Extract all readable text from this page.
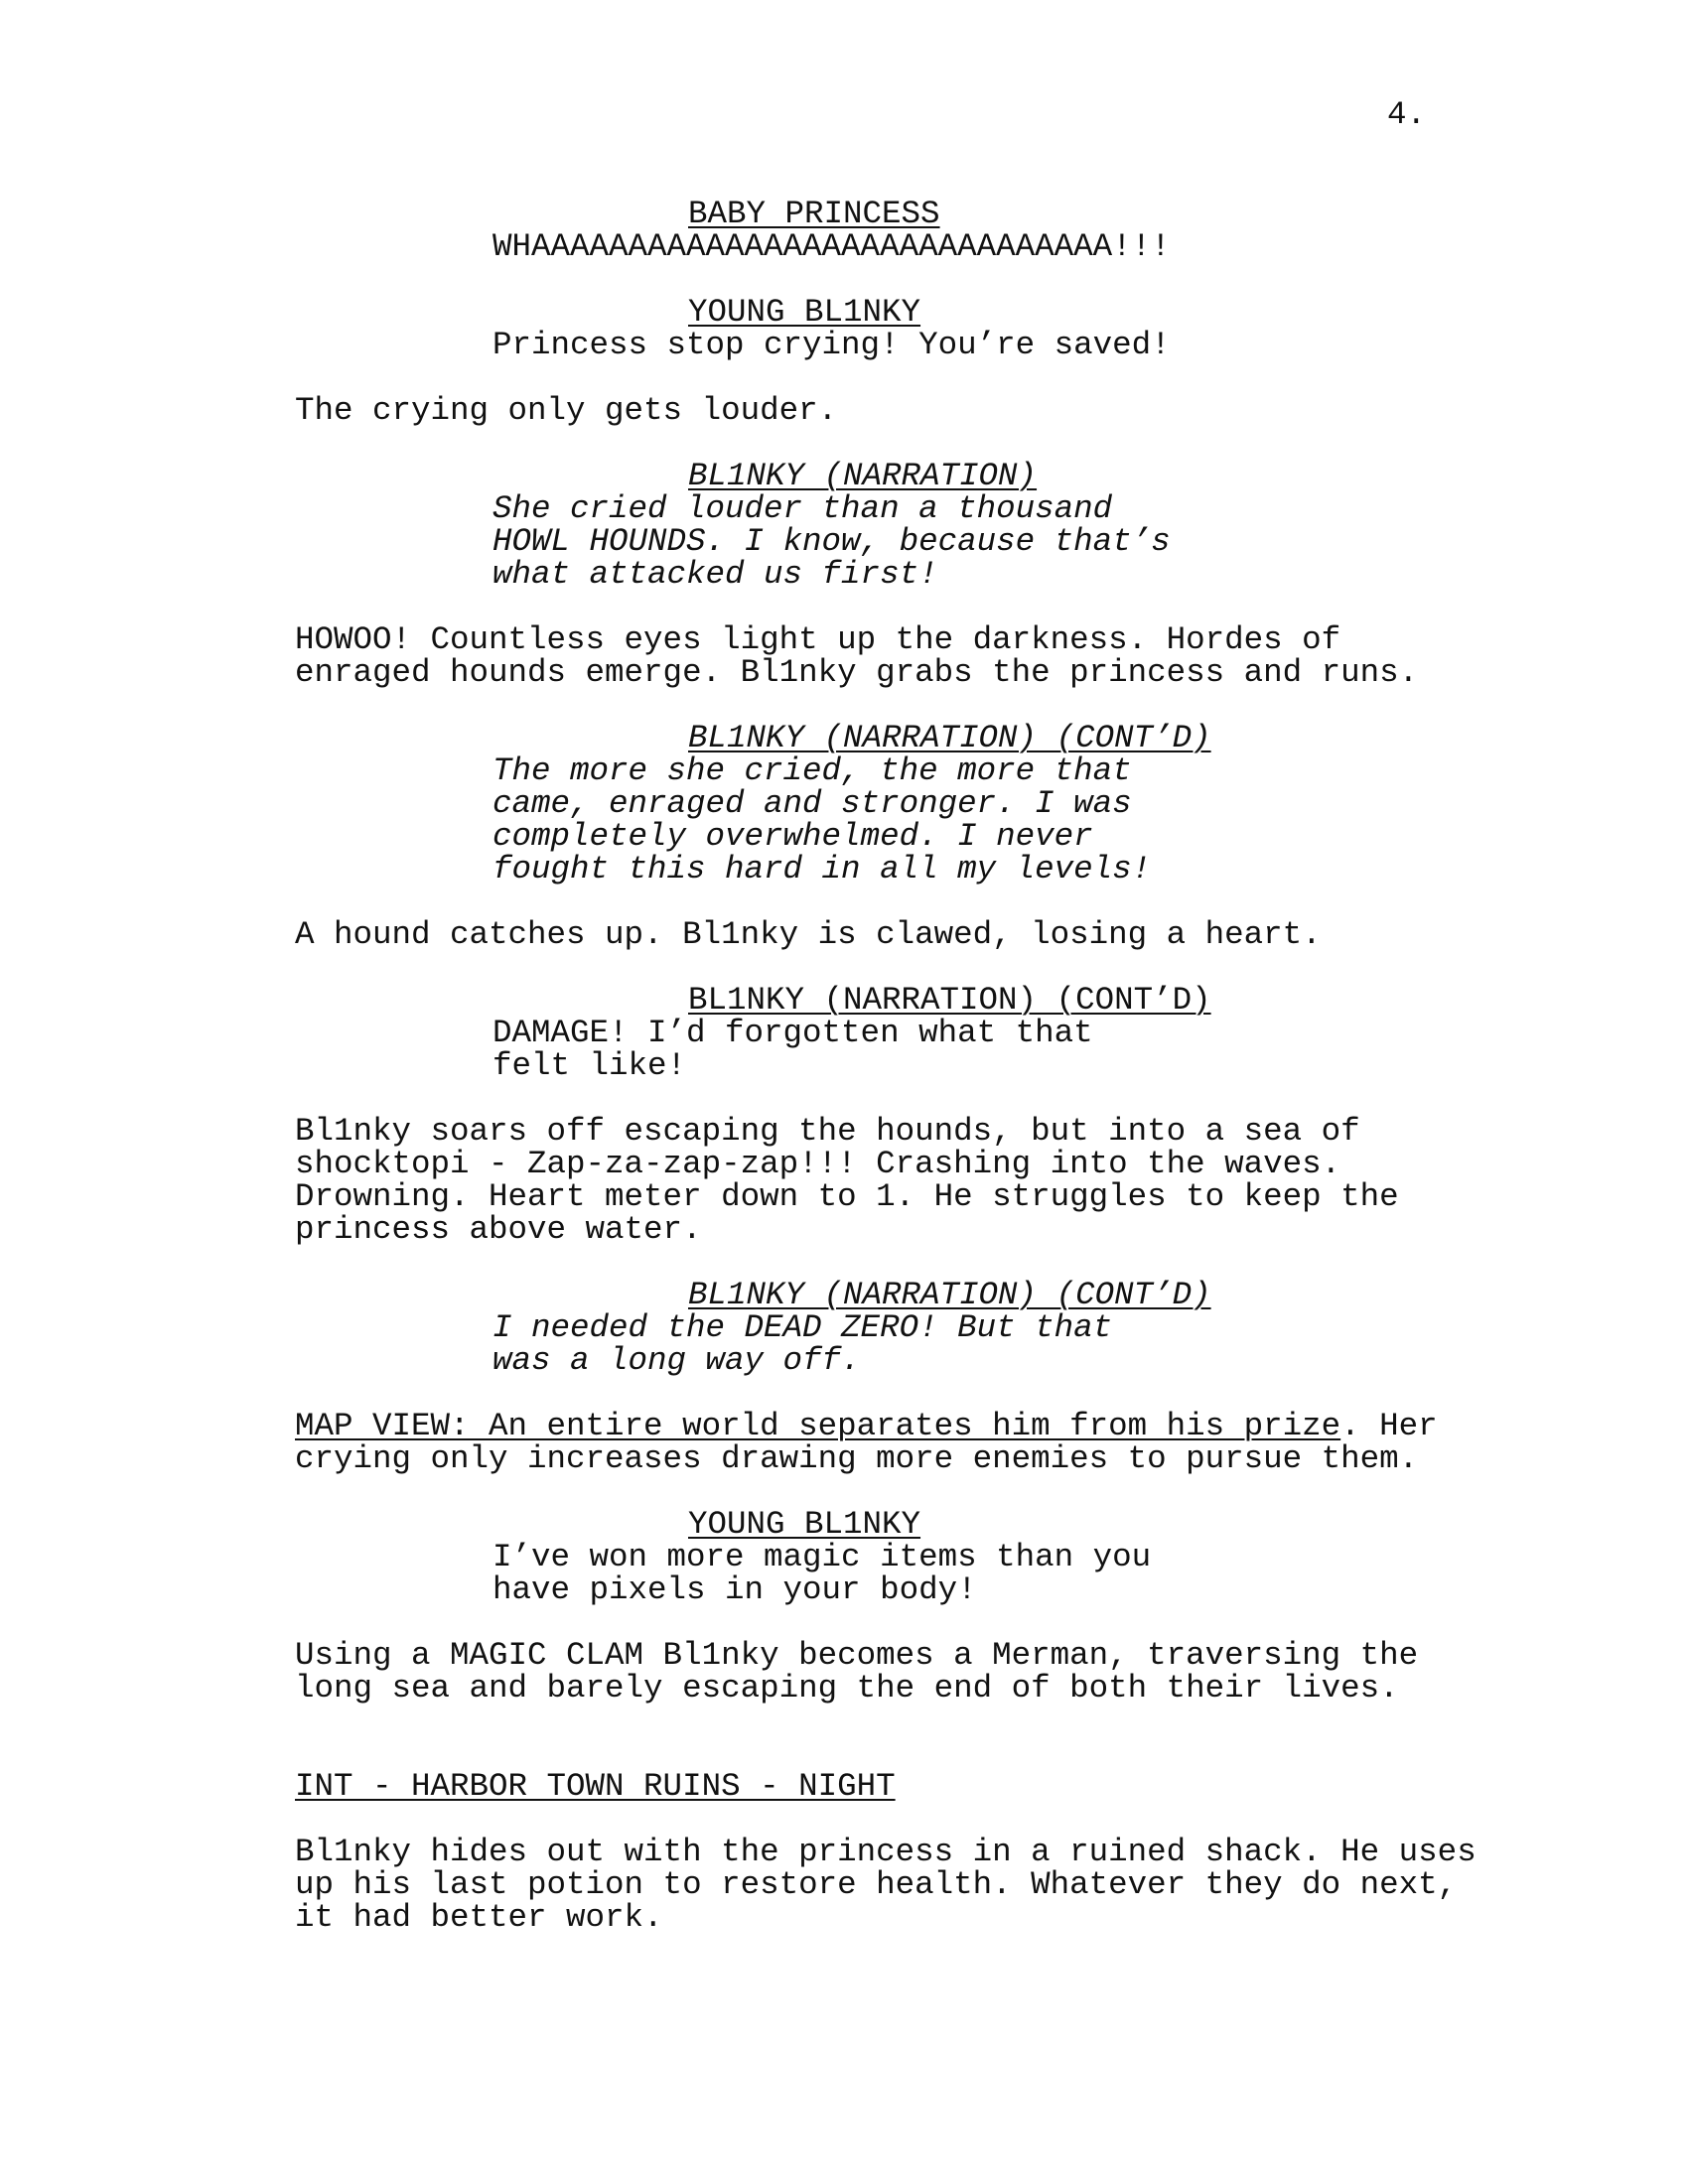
4.
BABY PRINCESS
WHAAAAAAAAAAAAAAAAAAAAAAAAAAAAAA!!!
YOUNG BL1NKY
Princess stop crying! You’re saved!
The crying only gets louder.
BL1NKY (NARRATION)
She cried louder than a thousand
HOWL HOUNDS. I know, because that’s
what attacked us first!
HOWOO! Countless eyes light up the darkness. Hordes of
enraged hounds emerge. Bl1nky grabs the princess and runs.
BL1NKY (NARRATION) (CONT’D)
The more she cried, the more that
came, enraged and stronger. I was
completely overwhelmed. I never
fought this hard in all my levels!
A hound catches up. Bl1nky is clawed, losing a heart.
BL1NKY (NARRATION) (CONT’D)
DAMAGE! I’d forgotten what that
felt like!
Bl1nky soars off escaping the hounds, but into a sea of
shocktopi - Zap-za-zap-zap!!! Crashing into the waves.
Drowning. Heart meter down to 1. He struggles to keep the
princess above water.
BL1NKY (NARRATION) (CONT’D)
I needed the DEAD ZERO! But that
was a long way off.
MAP VIEW: An entire world separates him from his prize. Her
crying only increases drawing more enemies to pursue them.
YOUNG BL1NKY
I’ve won more magic items than you
have pixels in your body!
Using a MAGIC CLAM Bl1nky becomes a Merman, traversing the
long sea and barely escaping the end of both their lives.
INT - HARBOR TOWN RUINS - NIGHT
Bl1nky hides out with the princess in a ruined shack. He uses
up his last potion to restore health. Whatever they do next,
it had better work.
